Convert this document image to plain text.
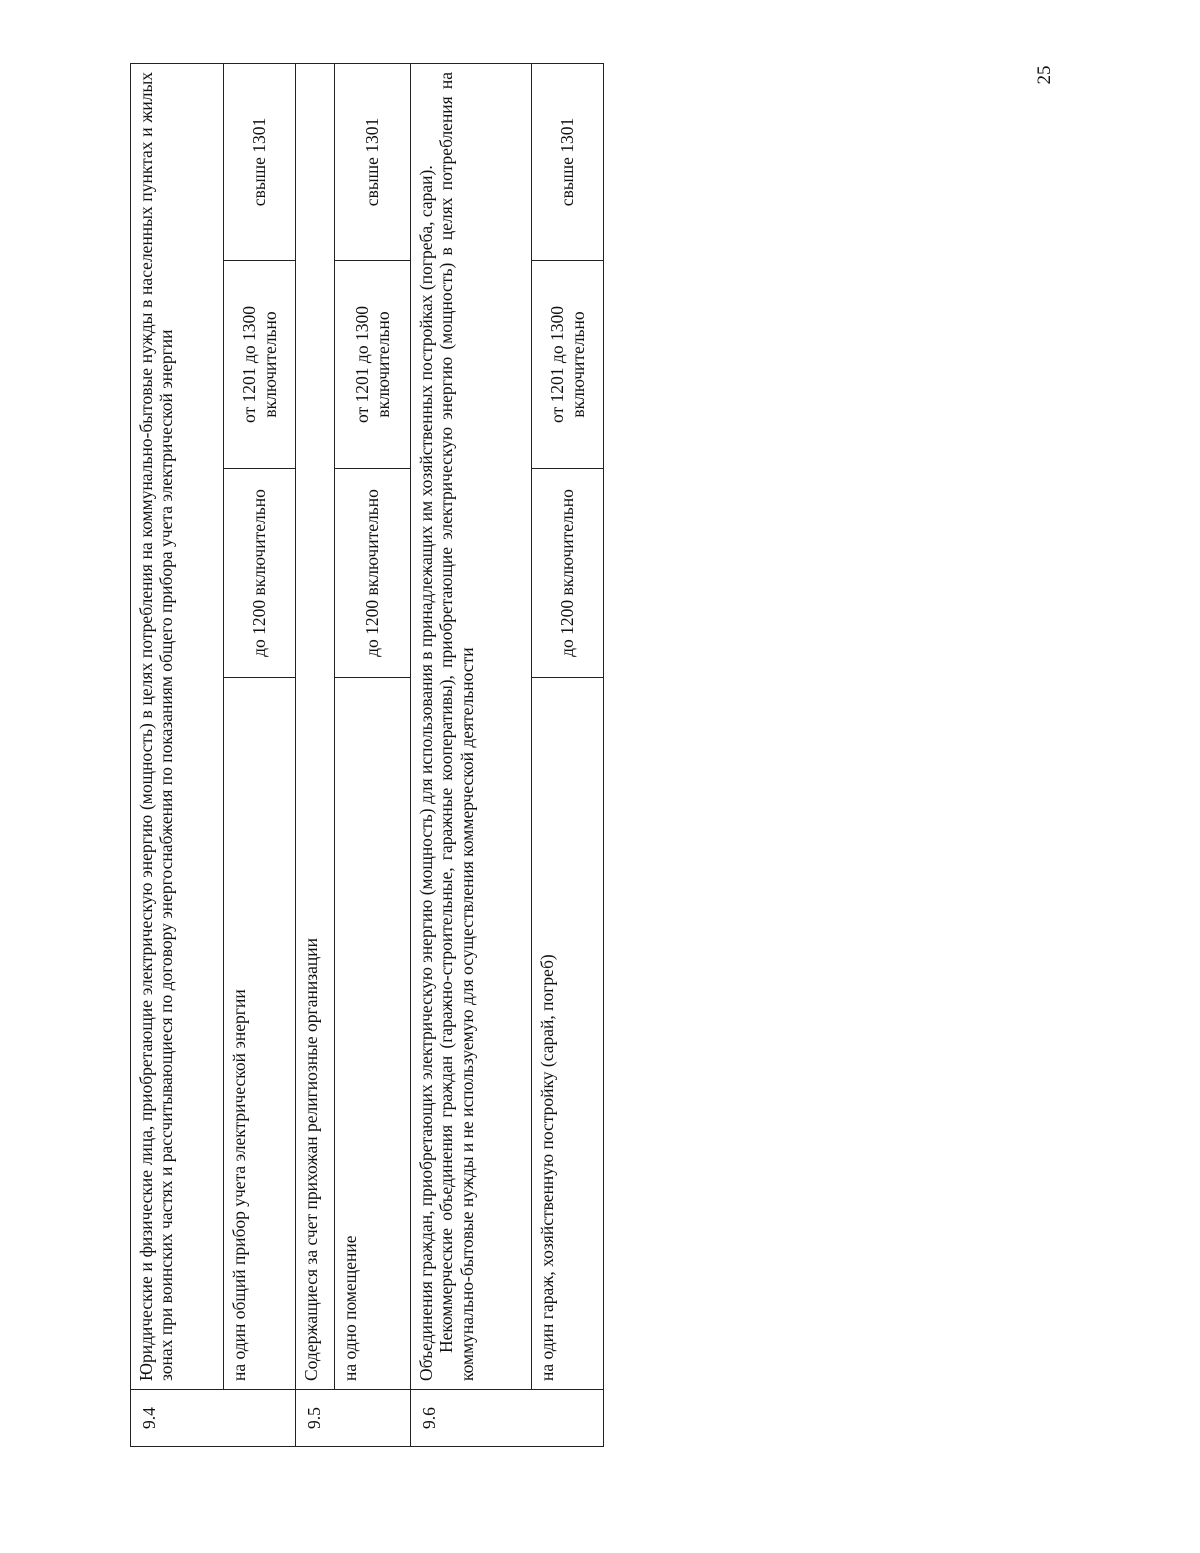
25
9.4	Юридические и физические лица, приобретающие электрическую энергию (мощность) в целях потребления на коммунально-бытовые нужды в населенных пунктах и жилых зонах при воинских частях и рассчитывающиеся по договору энергоснабжения по показаниям общего прибора учета электрической энергии			
	на один общий прибор учета электрической энергии	до 1200 включительно	от 1201 до 1300 включительно	свыше 1301
9.5	Содержащиеся за счет прихожан религиозные организации			
	на одно помещение	до 1200 включительно	от 1201 до 1300 включительно	свыше 1301
9.6	Объединения граждан, приобретающих электрическую энергию (мощность) для использования в принадлежащих им хозяйственных постройках (погреба, сараи). Некоммерческие объединения граждан (гаражно-строительные, гаражные кооперативы), приобретающие электрическую энергию (мощность) в целях потребления на коммунально-бытовые нужды и не используемую для осуществления коммерческой деятельности			

	на один гараж, хозяйственную постройку (сарай, погреб)	до 1200 включительно	от 1201 до 1300 включительно	свыше 1301
